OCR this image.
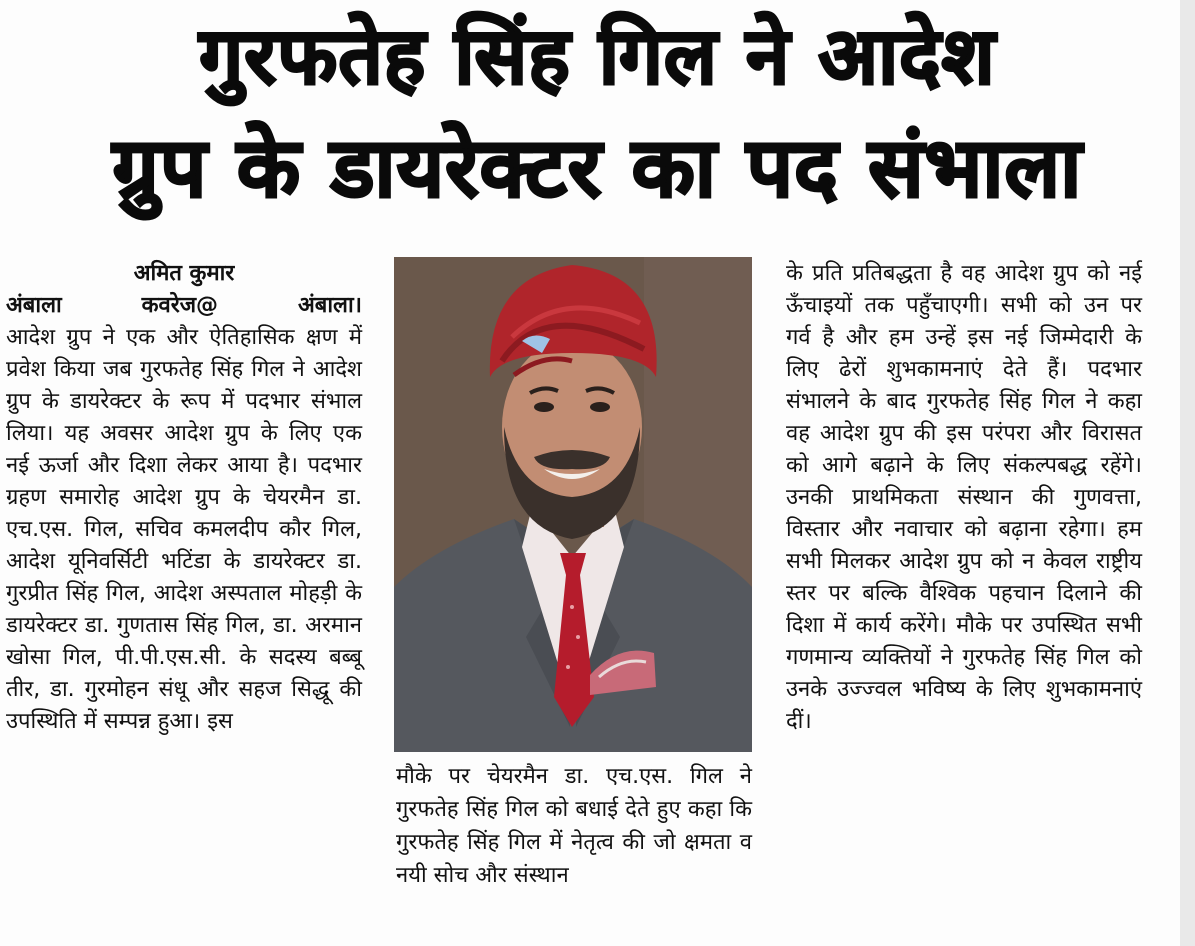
गुरफतेह सिंह गिल ने आदेश
ग्रुप के डायरेक्टर का पद संभाला

अमित कुमार

अंबाला कवरेज@ अंबाला।

आदेश ग्रुप ने एक और ऐतिहासिक क्षण में प्रवेश किया जब गुरफतेह सिंह गिल ने आदेश ग्रुप के डायरेक्टर के रूप में पदभार संभाल लिया। यह अवसर आदेश ग्रुप के लिए एक नई ऊर्जा और दिशा लेकर आया है। पदभार ग्रहण समारोह आदेश ग्रुप के चेयरमैन डा. एच.एस. गिल, सचिव कमलदीप कौर गिल, आदेश यूनिवर्सिटी भटिंडा के डायरेक्टर डा. गुरप्रीत सिंह गिल, आदेश अस्पताल मोहड़ी के डायरेक्टर डा. गुणतास सिंह गिल, डा. अरमान खोसा गिल, पी.पी.एस.सी. के सदस्य बब्बू तीर, डा. गुरमोहन संधू और सहज सिद्धू की उपस्थिति में सम्पन्न हुआ। इस

मौके पर चेयरमैन डा. एच.एस. गिल ने गुरफतेह सिंह गिल को बधाई देते हुए कहा कि गुरफतेह सिंह गिल में नेतृत्व की जो क्षमता व नयी सोच और संस्थान

के प्रति प्रतिबद्धता है वह आदेश ग्रुप को नई ऊँचाइयों तक पहुँचाएगी। सभी को उन पर गर्व है और हम उन्हें इस नई जिम्मेदारी के लिए ढेरों शुभकामनाएं देते हैं। पदभार संभालने के बाद गुरफतेह सिंह गिल ने कहा वह आदेश ग्रुप की इस परंपरा और विरासत को आगे बढ़ाने के लिए संकल्पबद्ध रहेंगे। उनकी प्राथमिकता संस्थान की गुणवत्ता, विस्तार और नवाचार को बढ़ाना रहेगा। हम सभी मिलकर आदेश ग्रुप को न केवल राष्ट्रीय स्तर पर बल्कि वैश्विक पहचान दिलाने की दिशा में कार्य करेंगे। मौके पर उपस्थित सभी गणमान्य व्यक्तियों ने गुरफतेह सिंह गिल को उनके उज्ज्वल भविष्य के लिए शुभकामनाएं दीं।
